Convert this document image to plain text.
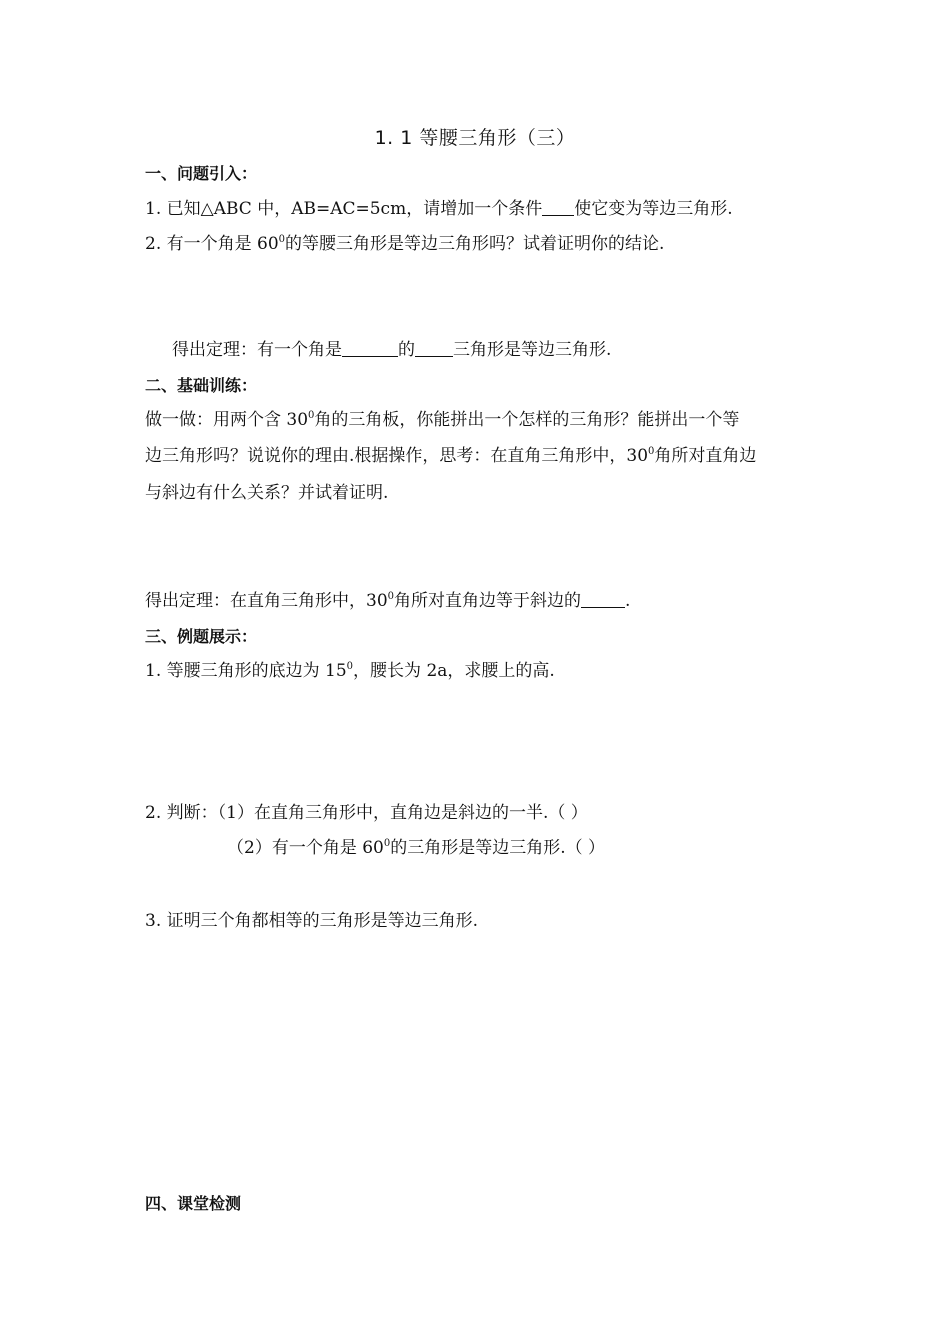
1. 1 等腰三角形（三）
一、问题引入：
1. 已知△ABC 中，AB=AC=5cm，请增加一个条件 使它变为等边三角形.
2. 有一个角是 $60^0$的等腰三角形是等边三角形吗？试着证明你的结论.
得出定理：有一个角是	的 三角形是等边三角形.
二、基础训练：
做一做：用两个含 $30^0$角的三角板，你能拼出一个怎样的三角形？能拼出一个等
边三角形吗？说说你的理由.根据操作，思考：在直角三角形中，$30^0$角所对直角边
与斜边有什么关系？并试着证明.
得出定理：在直角三角形中，$30^0$角所对直角边等于斜边的	.
三、例题展示：
1. 等腰三角形的底边为 $15^0$，腰长为 2a，求腰上的高.
2. 判断：（1）在直角三角形中，直角边是斜边的一半.（ ）
（2）有一个角是 $60^0$的三角形是等边三角形.（ ）
3. 证明三个角都相等的三角形是等边三角形.
四、课堂检测
